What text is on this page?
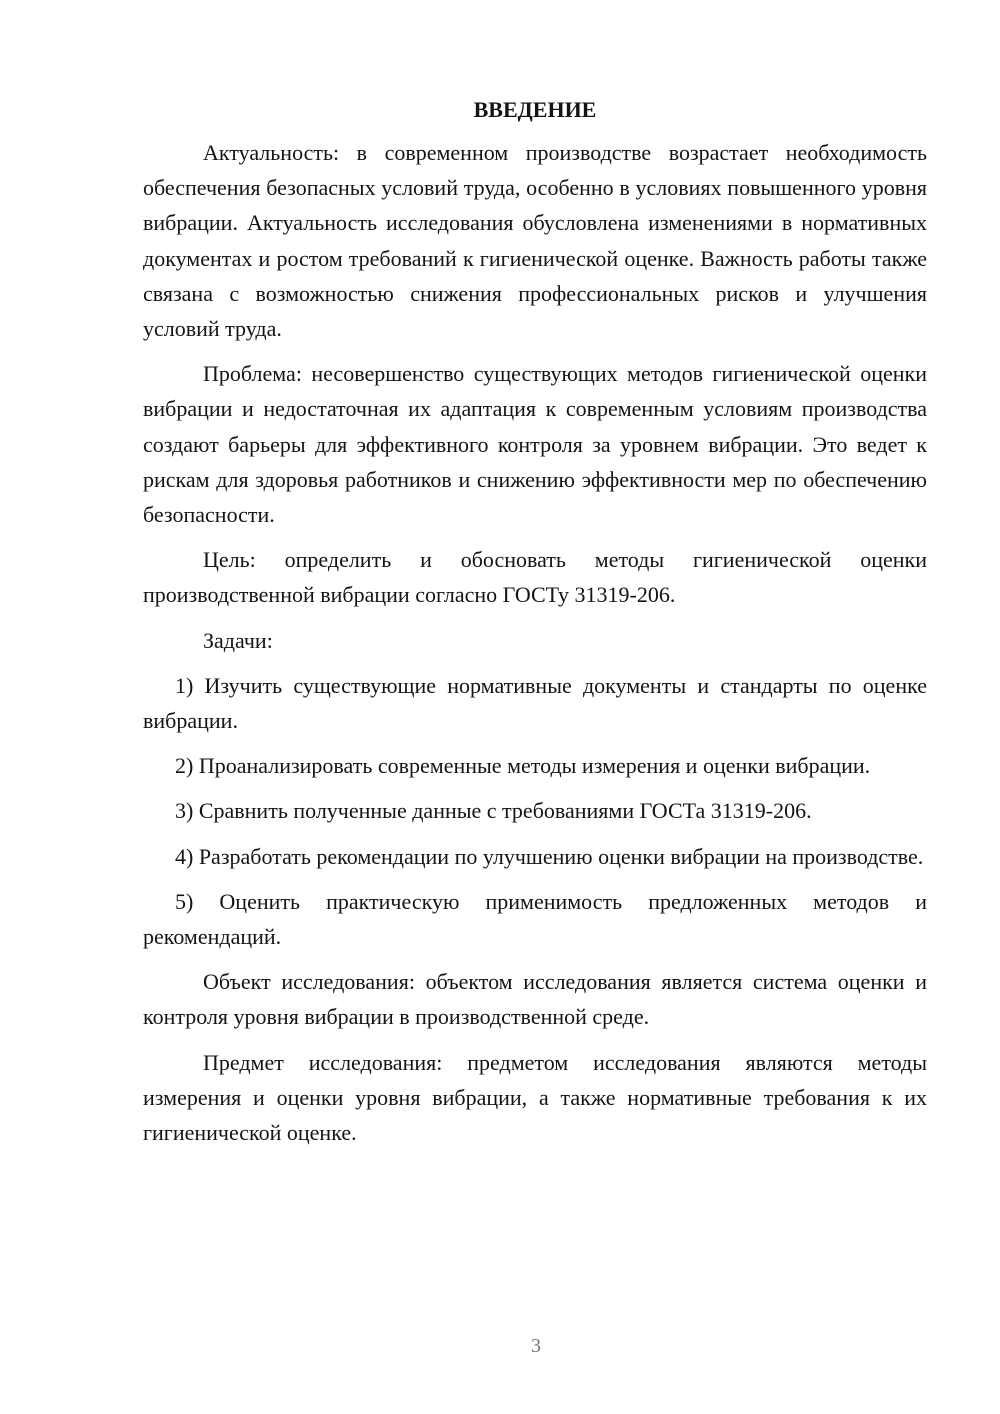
ВВЕДЕНИЕ

Актуальность: в современном производстве возрастает необходимость обеспечения безопасных условий труда, особенно в условиях повышенного уровня вибрации. Актуальность исследования обусловлена изменениями в нормативных документах и ростом требований к гигиенической оценке. Важность работы также связана с возможностью снижения профессиональных рисков и улучшения условий труда.

Проблема: несовершенство существующих методов гигиенической оценки вибрации и недостаточная их адаптация к современным условиям производства создают барьеры для эффективного контроля за уровнем вибрации. Это ведет к рискам для здоровья работников и снижению эффективности мер по обеспечению безопасности.

Цель: определить и обосновать методы гигиенической оценки производственной вибрации согласно ГОСТу 31319-206.

Задачи:

1) Изучить существующие нормативные документы и стандарты по оценке вибрации.

2) Проанализировать современные методы измерения и оценки вибрации.

3) Сравнить полученные данные с требованиями ГОСТа 31319-206.

4) Разработать рекомендации по улучшению оценки вибрации на производстве.

5) Оценить практическую применимость предложенных методов и рекомендаций.

Объект исследования: объектом исследования является система оценки и контроля уровня вибрации в производственной среде.

Предмет исследования: предметом исследования являются методы измерения и оценки уровня вибрации, а также нормативные требования к их гигиенической оценке.

3
